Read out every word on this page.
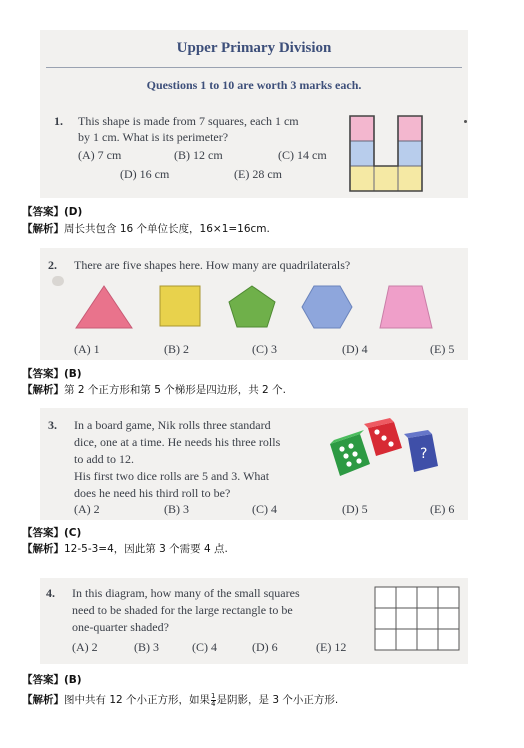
Upper Primary Division
Questions 1 to 10 are worth 3 marks each.
1. This shape is made from 7 squares, each 1 cm
by 1 cm. What is its perimeter?
(A) 7 cm	(B) 12 cm	(C) 14 cm
(D) 16 cm	(E) 28 cm
【答案】(D)
【解析】周长共包含 16 个单位长度，16×1=16cm.
2. There are five shapes here. How many are quadrilaterals?
(A) 1	(B) 2	(C) 3	(D) 4	(E) 5
【答案】(B)
【解析】第 2 个正方形和第 5 个梯形是四边形，共 2 个.
3. In a board game, Nik rolls three standard
dice, one at a time. He needs his three rolls
to add to 12.
His first two dice rolls are 5 and 3. What
does he need his third roll to be?
?
(A) 2	(B) 3	(C) 4	(D) 5	(E) 6
【答案】(C)
【解析】12-5-3=4，因此第 3 个需要 4 点.
4. In this diagram, how many of the small squares
need to be shaded for the large rectangle to be
one-quarter shaded?
(A) 2	(B) 3	(C) 4	(D) 6	(E) 12
【答案】(B)
【解析】图中共有 12 个小正方形，如果 $\frac{1}{4}$ 是阴影，是 3 个小正方形.
